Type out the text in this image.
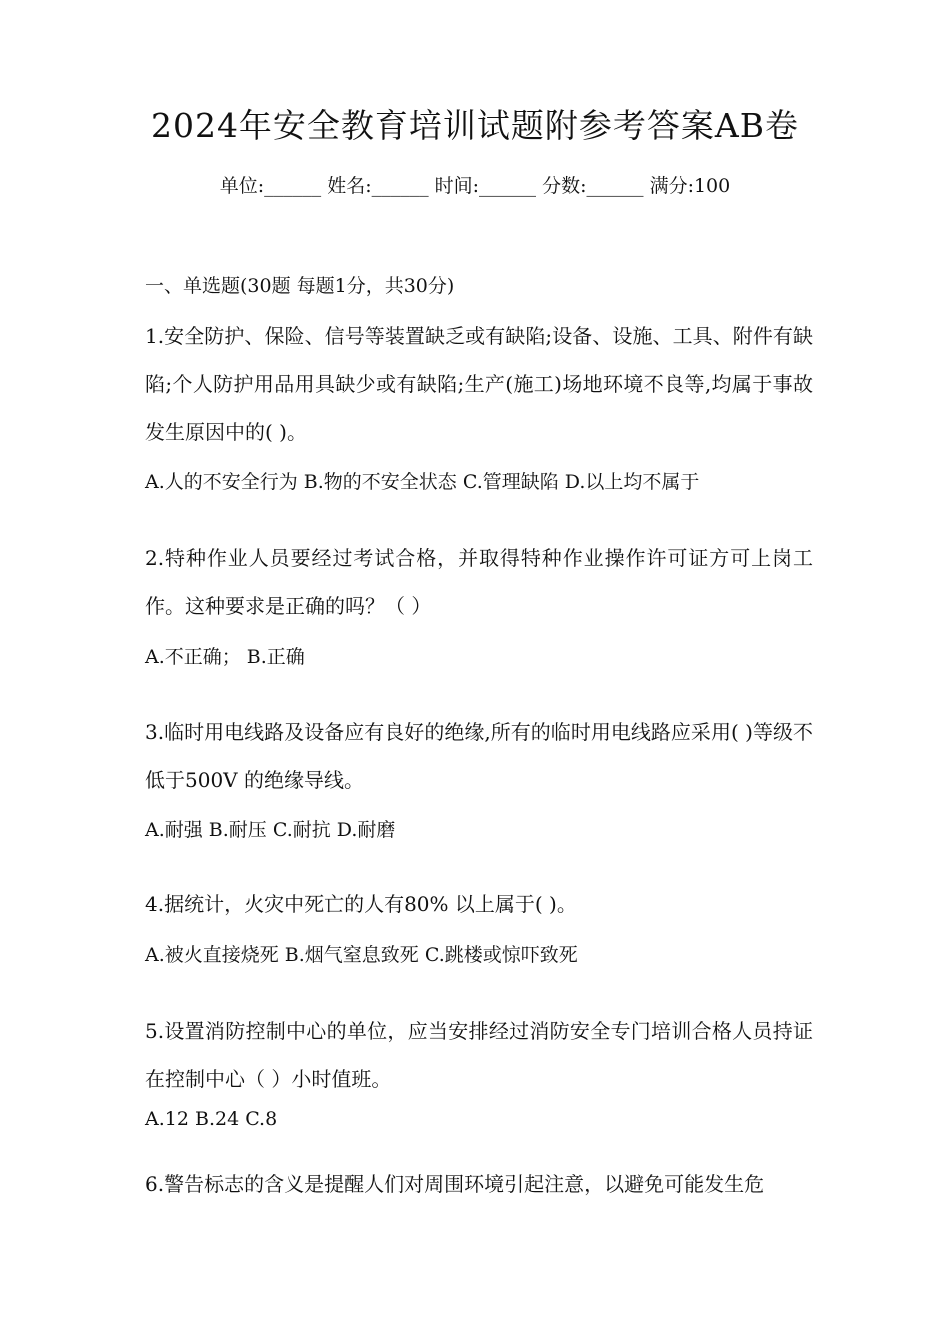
2024年安全教育培训试题附参考答案AB卷
单位:______ 姓名:______ 时间:______ 分数:______ 满分:100
一、单选题(30题 每题1分，共30分)
1.安全防护、保险、信号等装置缺乏或有缺陷;设备、设施、工具、附件有缺陷;个人防护用品用具缺少或有缺陷;生产(施工)场地环境不良等,均属于事故发生原因中的( )。
A.人的不安全行为 B.物的不安全状态 C.管理缺陷 D.以上均不属于
2.特种作业人员要经过考试合格，并取得特种作业操作许可证方可上岗工作。这种要求是正确的吗？（ ）
A.不正确； B.正确
3.临时用电线路及设备应有良好的绝缘,所有的临时用电线路应采用( )等级不低于500V 的绝缘导线。
A.耐强 B.耐压 C.耐抗 D.耐磨
4.据统计，火灾中死亡的人有80% 以上属于( )。
A.被火直接烧死 B.烟气窒息致死 C.跳楼或惊吓致死
5.设置消防控制中心的单位，应当安排经过消防安全专门培训合格人员持证在控制中心（ ）小时值班。
A.12 B.24 C.8
6.警告标志的含义是提醒人们对周围环境引起注意，以避免可能发生危
